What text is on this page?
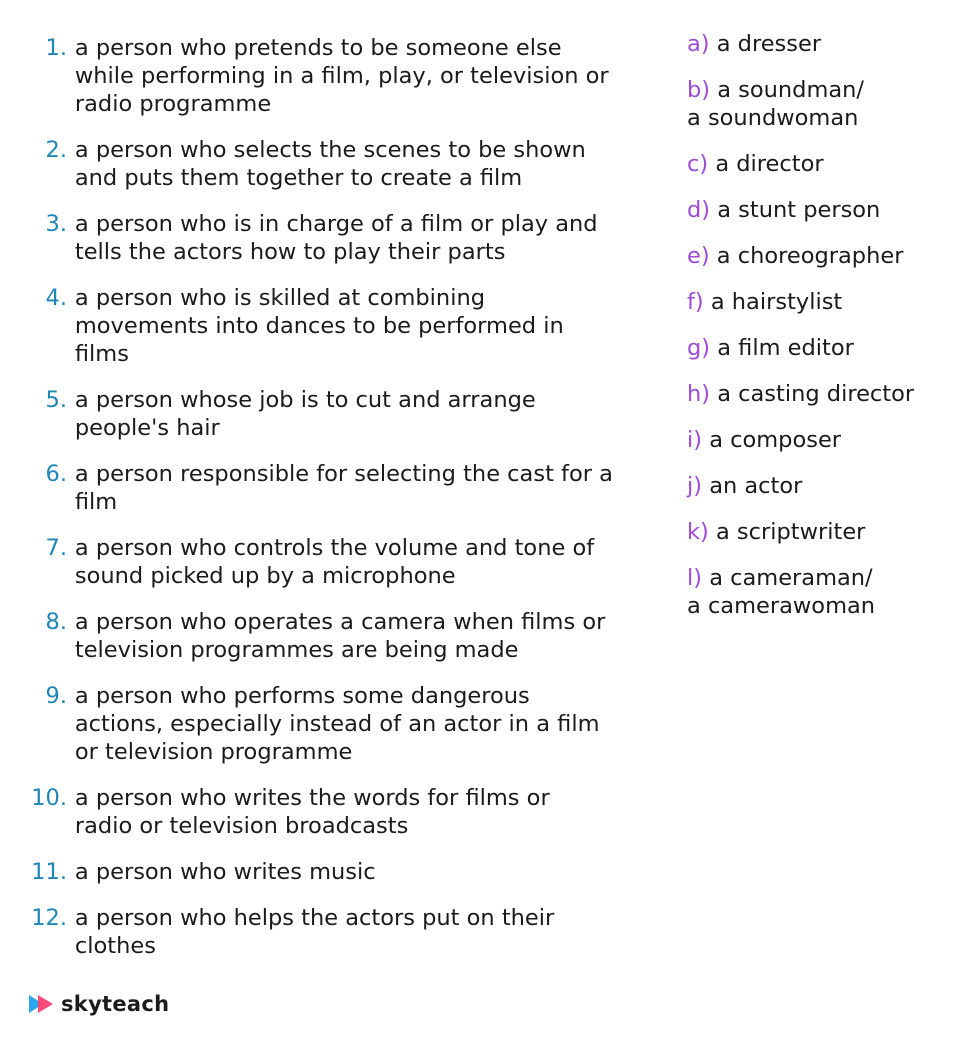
1. a person who pretends to be someone else while performing in a film, play, or television or radio programme
2. a person who selects the scenes to be shown and puts them together to create a film
3. a person who is in charge of a film or play and tells the actors how to play their parts
4. a person who is skilled at combining movements into dances to be performed in films
5. a person whose job is to cut and arrange people's hair
6. a person responsible for selecting the cast for a film
7. a person who controls the volume and tone of sound picked up by a microphone
8. a person who operates a camera when films or television programmes are being made
9. a person who performs some dangerous actions, especially instead of an actor in a film or television programme
10. a person who writes the words for films or radio or television broadcasts
11. a person who writes music
12. a person who helps the actors put on their clothes
a) a dresser
b) a soundman/
a soundwoman
c) a director
d) a stunt person
e) a choreographer
f) a hairstylist
g) a film editor
h) a casting director
i) a composer
j) an actor
k) a scriptwriter
l) a cameraman/
a camerawoman
skyteach
